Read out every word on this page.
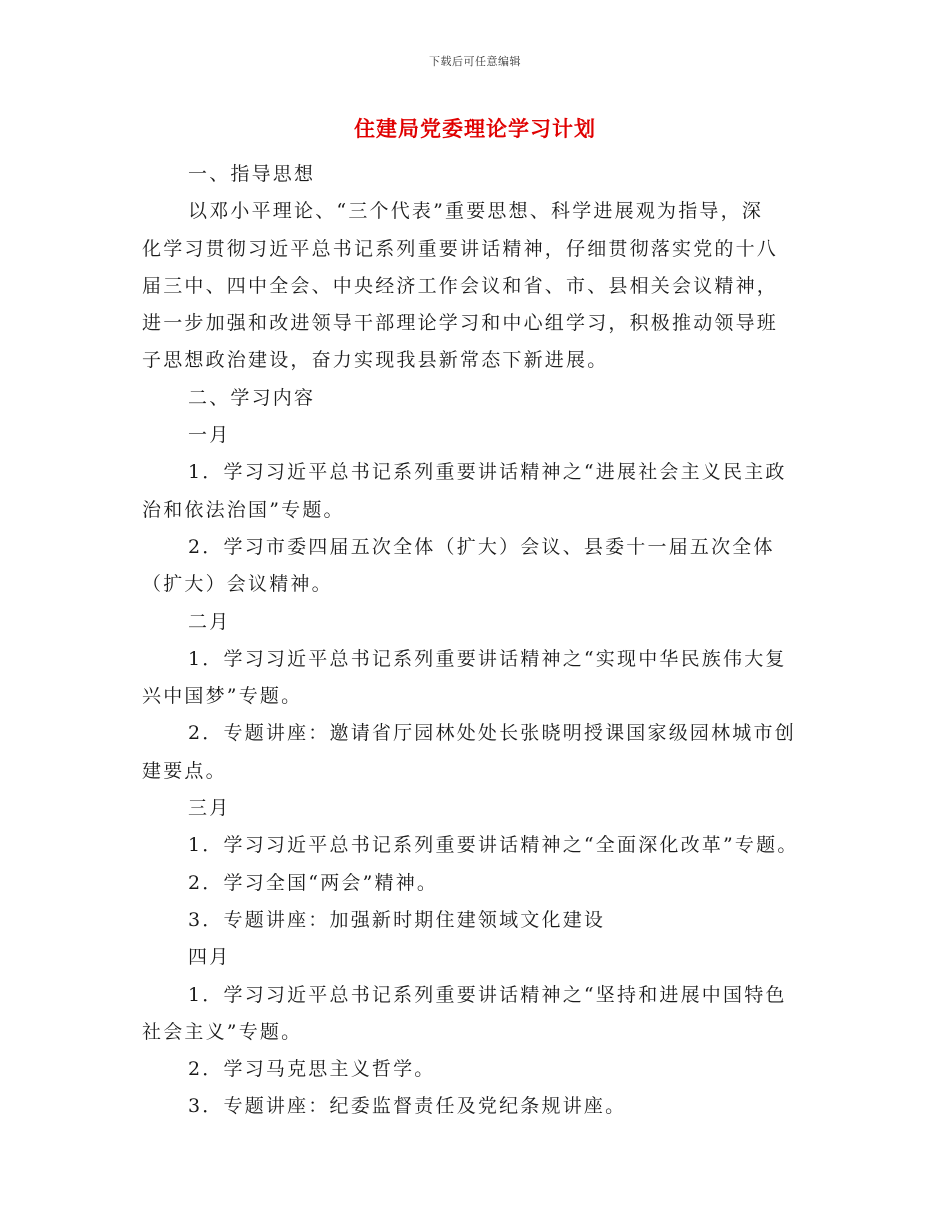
下载后可任意编辑
住建局党委理论学习计划
一、指导思想
以邓小平理论、“三个代表”重要思想、科学进展观为指导，深
化学习贯彻习近平总书记系列重要讲话精神，仔细贯彻落实党的十八
届三中、四中全会、中央经济工作会议和省、市、县相关会议精神，
进一步加强和改进领导干部理论学习和中心组学习，积极推动领导班
子思想政治建设，奋力实现我县新常态下新进展。
二、学习内容
一月
1．学习习近平总书记系列重要讲话精神之“进展社会主义民主政
治和依法治国”专题。
2．学习市委四届五次全体（扩大）会议、县委十一届五次全体
（扩大）会议精神。
二月
1．学习习近平总书记系列重要讲话精神之“实现中华民族伟大复
兴中国梦”专题。
2．专题讲座：邀请省厅园林处处长张晓明授课国家级园林城市创
建要点。
三月
1．学习习近平总书记系列重要讲话精神之“全面深化改革”专题。
2．学习全国“两会”精神。
3．专题讲座：加强新时期住建领域文化建设
四月
1．学习习近平总书记系列重要讲话精神之“坚持和进展中国特色
社会主义”专题。
2．学习马克思主义哲学。
3．专题讲座：纪委监督责任及党纪条规讲座。
